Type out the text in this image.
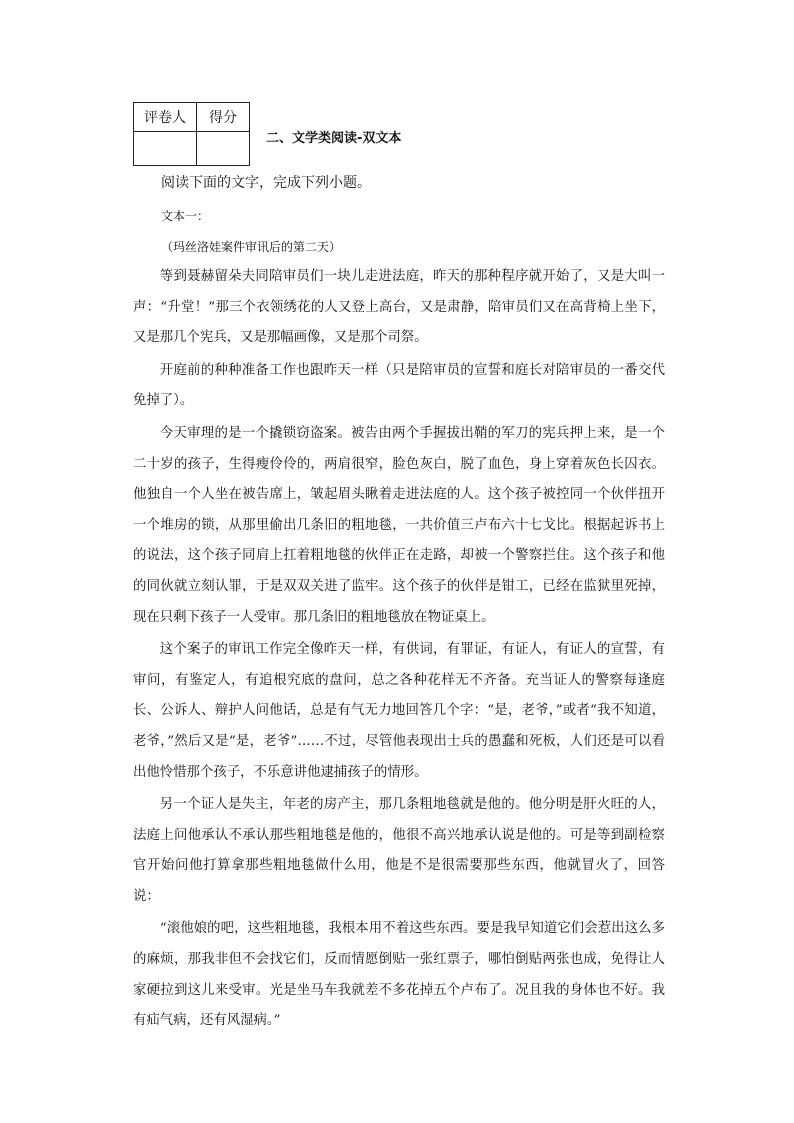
评卷人	得分

二、文学类阅读-双文本
阅读下面的文字，完成下列小题。
文本一：
（玛丝洛娃案件审讯后的第二天）

等到聂赫留朵夫同陪审员们一块儿走进法庭，昨天的那种程序就开始了，又是大叫一声：“升堂！”那三个衣领绣花的人又登上高台，又是肃静，陪审员们又在高背椅上坐下，又是那几个宪兵，又是那幅画像，又是那个司祭。

开庭前的种种准备工作也跟昨天一样（只是陪审员的宣誓和庭长对陪审员的一番交代免掉了）。

今天审理的是一个撬锁窃盗案。被告由两个手握拔出鞘的军刀的宪兵押上来，是一个二十岁的孩子，生得瘦伶伶的，两肩很窄，脸色灰白，脱了血色，身上穿着灰色长囚衣。他独自一个人坐在被告席上，皱起眉头瞅着走进法庭的人。这个孩子被控同一个伙伴扭开一个堆房的锁，从那里偷出几条旧的粗地毯，一共价值三卢布六十七戈比。根据起诉书上的说法，这个孩子同肩上扛着粗地毯的伙伴正在走路，却被一个警察拦住。这个孩子和他的同伙就立刻认罪，于是双双关进了监牢。这个孩子的伙伴是钳工，已经在监狱里死掉，现在只剩下孩子一人受审。那几条旧的粗地毯放在物证桌上。

这个案子的审讯工作完全像昨天一样，有供词，有罪证，有证人，有证人的宣誓，有审问，有鉴定人，有追根究底的盘问，总之各种花样无不齐备。充当证人的警察每逢庭长、公诉人、辩护人问他话，总是有气无力地回答几个字：“是，老爷，”或者“我不知道，老爷，”然后又是“是，老爷”……不过，尽管他表现出士兵的愚蠢和死板，人们还是可以看出他怜惜那个孩子，不乐意讲他逮捕孩子的情形。

另一个证人是失主，年老的房产主，那几条粗地毯就是他的。他分明是肝火旺的人，法庭上问他承认不承认那些粗地毯是他的，他很不高兴地承认说是他的。可是等到副检察官开始问他打算拿那些粗地毯做什么用，他是不是很需要那些东西，他就冒火了，回答说：

“滚他娘的吧，这些粗地毯，我根本用不着这些东西。要是我早知道它们会惹出这么多的麻烦，那我非但不会找它们，反而情愿倒贴一张红票子，哪怕倒贴两张也成，免得让人家硬拉到这儿来受审。光是坐马车我就差不多花掉五个卢布了。况且我的身体也不好。我有疝气病，还有风湿病。”
